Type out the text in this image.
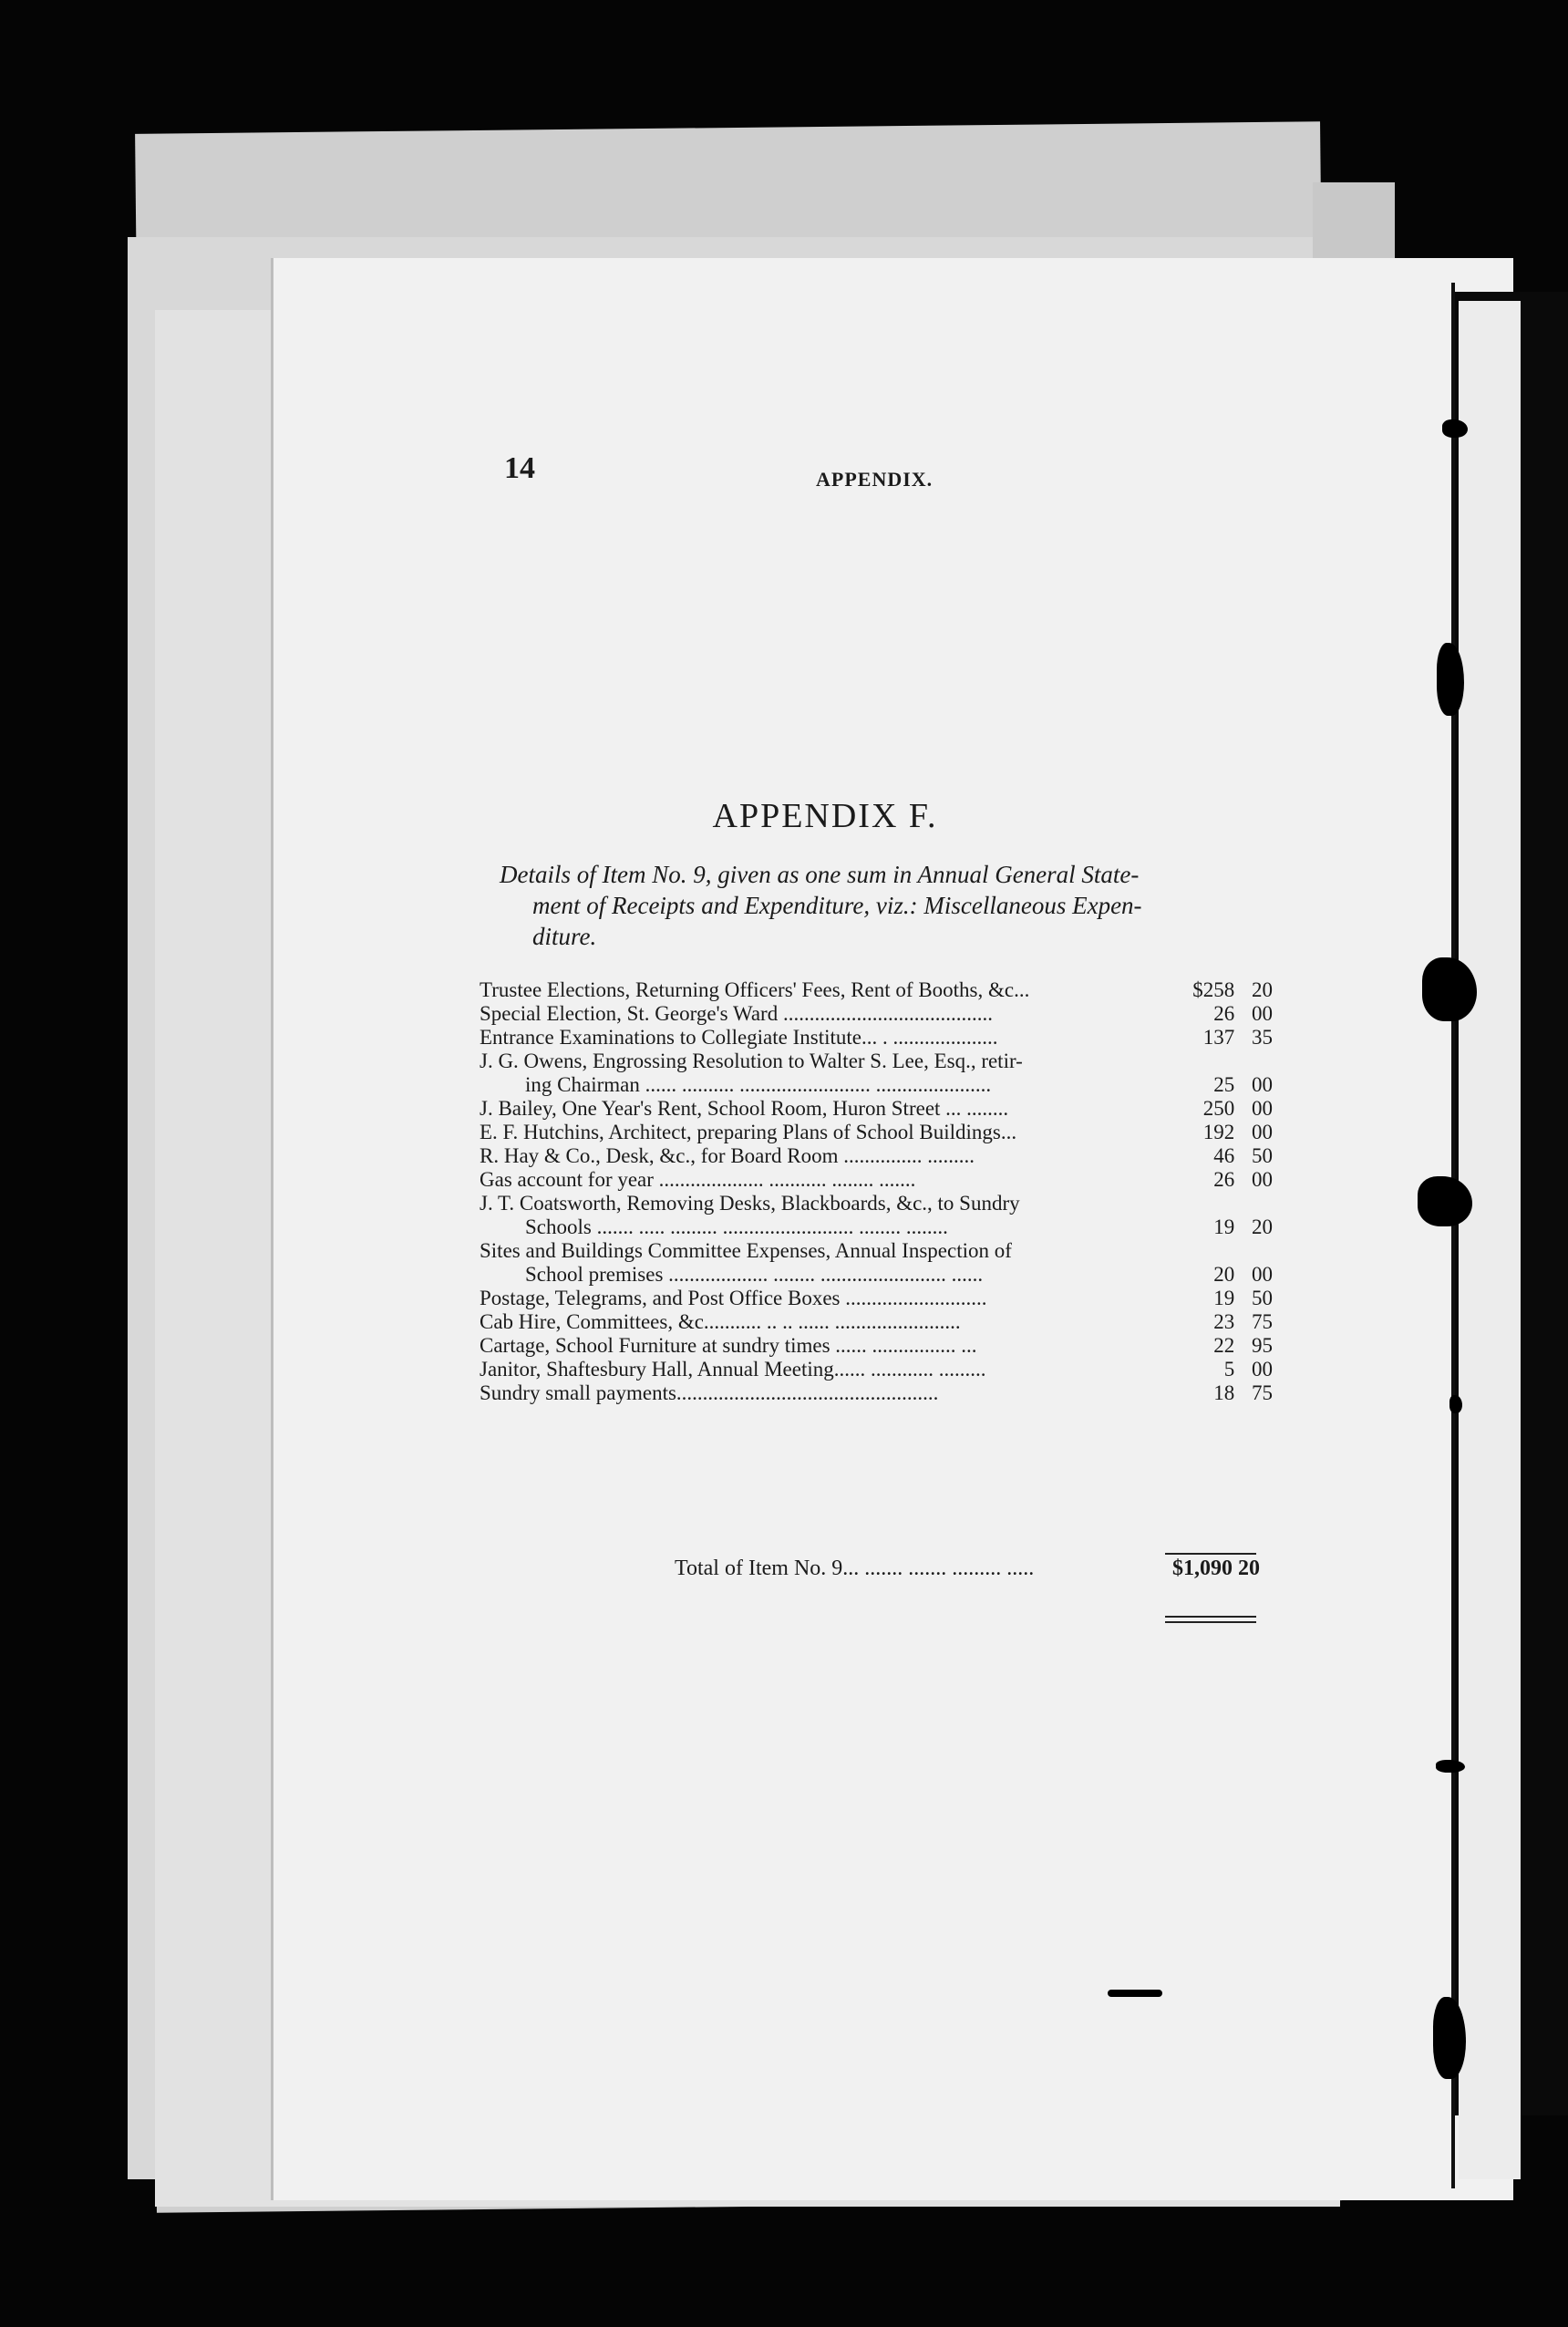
14	APPENDIX.
APPENDIX F.
Details of Item No. 9, given as one sum in Annual General State-
ment of Receipts and Expenditure, viz.: Miscellaneous Expen-
diture.
Trustee Elections, Returning Officers' Fees, Rent of Booths, &c...	$258 20
Special Election, St. George's Ward ........................................	26 00
Entrance Examinations to Collegiate Institute... . ....................	137 35
J. G. Owens, Engrossing Resolution to Walter S. Lee, Esq., retir-
ing Chairman ...... .......... ......................... ......................	25 00
J. Bailey, One Year's Rent, School Room, Huron Street ... ........	250 00
E. F. Hutchins, Architect, preparing Plans of School Buildings...	192 00
R. Hay & Co., Desk, &c., for Board Room ............... .........	46 50
Gas account for year .................... ........... ........ .......	26 00
J. T. Coatsworth, Removing Desks, Blackboards, &c., to Sundry
Schools ....... ..... ......... ......................... ........ ........	19 20
Sites and Buildings Committee Expenses, Annual Inspection of
School premises ................... ........ ........................ ......	20 00
Postage, Telegrams, and Post Office Boxes ...........................	19 50
Cab Hire, Committees, &c........... .. .. ...... ........................	23 75
Cartage, School Furniture at sundry times ...... ................ ...	22 95
Janitor, Shaftesbury Hall, Annual Meeting...... ............ .........	5 00
Sundry small payments..................................................	18 75
Total of Item No. 9... ....... ....... ......... .....	$1,090 20
